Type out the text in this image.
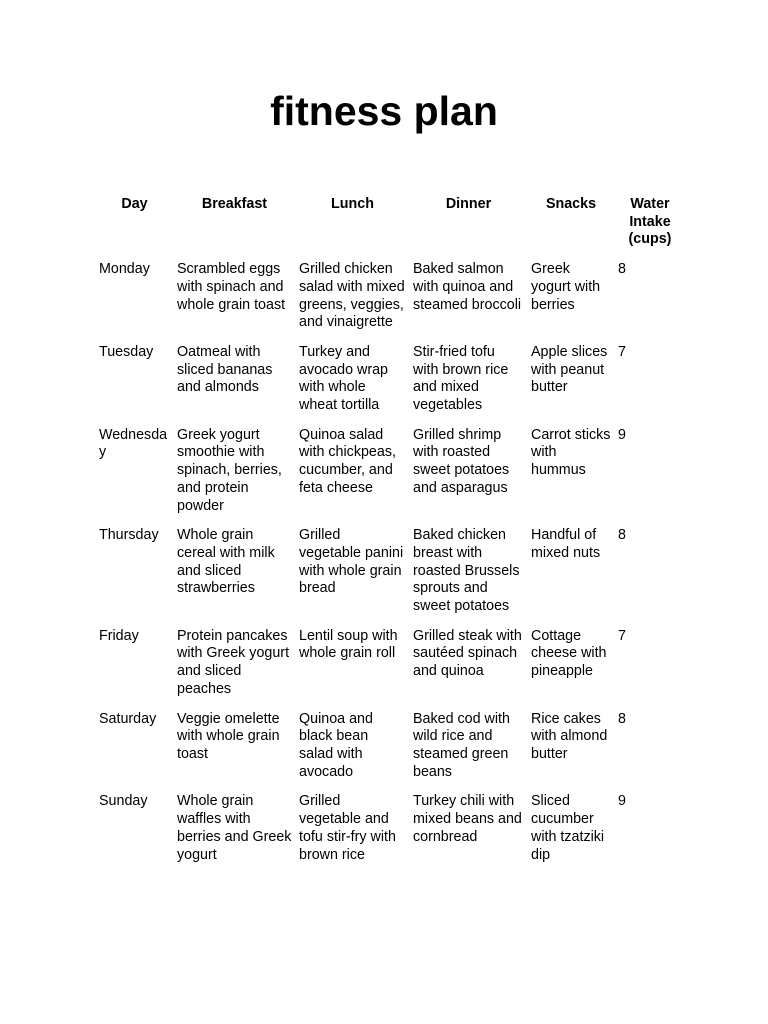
fitness plan
Day	Breakfast	Lunch	Dinner	Snacks	Water Intake (cups)
Monday	Scrambled eggs with spinach and whole grain toast	Grilled chicken salad with mixed greens, veggies, and vinaigrette	Baked salmon with quinoa and steamed broccoli	Greek yogurt with berries	8
Tuesday	Oatmeal with sliced bananas and almonds	Turkey and avocado wrap with whole wheat tortilla	Stir-fried tofu with brown rice and mixed vegetables	Apple slices with peanut butter	7
Wednesday	Greek yogurt smoothie with spinach, berries, and protein powder	Quinoa salad with chickpeas, cucumber, and feta cheese	Grilled shrimp with roasted sweet potatoes and asparagus	Carrot sticks with hummus	9
Thursday	Whole grain cereal with milk and sliced strawberries	Grilled vegetable panini with whole grain bread	Baked chicken breast with roasted Brussels sprouts and sweet potatoes	Handful of mixed nuts	8
Friday	Protein pancakes with Greek yogurt and sliced peaches	Lentil soup with whole grain roll	Grilled steak with sautéed spinach and quinoa	Cottage cheese with pineapple	7
Saturday	Veggie omelette with whole grain toast	Quinoa and black bean salad with avocado	Baked cod with wild rice and steamed green beans	Rice cakes with almond butter	8
Sunday	Whole grain waffles with berries and Greek yogurt	Grilled vegetable and tofu stir-fry with brown rice	Turkey chili with mixed beans and cornbread	Sliced cucumber with tzatziki dip	9
